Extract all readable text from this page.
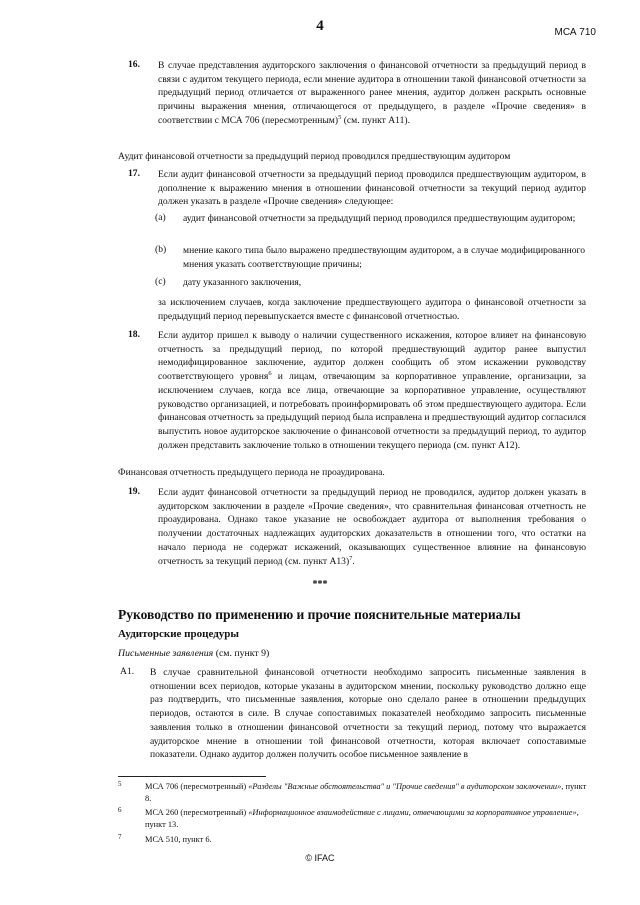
4	МСА 710
16. В случае представления аудиторского заключения о финансовой отчетности за предыдущий период в связи с аудитом текущего периода, если мнение аудитора в отношении такой финансовой отчетности за предыдущий период отличается от выраженного ранее мнения, аудитор должен раскрыть основные причины выражения мнения, отличающегося от предыдущего, в разделе «Прочие сведения» в соответствии с МСА 706 (пересмотренным)$^5$ (см. пункт A11).
Аудит финансовой отчетности за предыдущий период проводился предшествующим аудитором
17. Если аудит финансовой отчетности за предыдущий период проводился предшествующим аудитором, в дополнение к выражению мнения в отношении финансовой отчетности за текущий период аудитор должен указать в разделе «Прочие сведения» следующее:
(a) аудит финансовой отчетности за предыдущий период проводился предшествующим аудитором;
(b) мнение какого типа было выражено предшествующим аудитором, а в случае модифицированного мнения указать соответствующие причины;
(c) дату указанного заключения,
за исключением случаев, когда заключение предшествующего аудитора о финансовой отчетности за предыдущий период перевыпускается вместе с финансовой отчетностью.
18. Если аудитор пришел к выводу о наличии существенного искажения, которое влияет на финансовую отчетность за предыдущий период, по которой предшествующий аудитор ранее выпустил немодифицированное заключение, аудитор должен сообщить об этом искажении руководству соответствующего уровня$^6$ и лицам, отвечающим за корпоративное управление, организации, за исключением случаев, когда все лица, отвечающие за корпоративное управление, осуществляют руководство организацией, и потребовать проинформировать об этом предшествующего аудитора. Если финансовая отчетность за предыдущий период была исправлена и предшествующий аудитор согласился выпустить новое аудиторское заключение о финансовой отчетности за предыдущий период, то аудитор должен представить заключение только в отношении текущего периода (см. пункт A12).
Финансовая отчетность предыдущего периода не проаудирована.
19. Если аудит финансовой отчетности за предыдущий период не проводился, аудитор должен указать в аудиторском заключении в разделе «Прочие сведения», что сравнительная финансовая отчетность не проаудирована. Однако такое указание не освобождает аудитора от выполнения требования о получении достаточных надлежащих аудиторских доказательств в отношении того, что остатки на начало периода не содержат искажений, оказывающих существенное влияние на финансовую отчетность за текущий период (см. пункт A13)$^7$.
***
Руководство по применению и прочие пояснительные материалы
Аудиторские процедуры
Письменные заявления (см. пункт 9)
A1. В случае сравнительной финансовой отчетности необходимо запросить письменные заявления в отношении всех периодов, которые указаны в аудиторском мнении, поскольку руководство должно еще раз подтвердить, что письменные заявления, которые оно сделало ранее в отношении предыдущих периодов, остаются в силе. В случае сопоставимых показателей необходимо запросить письменные заявления только в отношении финансовой отчетности за текущий период, потому что выражается аудиторское мнение в отношении той финансовой отчетности, которая включает сопоставимые показатели. Однако аудитор должен получить особое письменное заявление в
5	МСА 706 (пересмотренный) «Разделы "Важные обстоятельства" и "Прочие сведения" в аудиторском заключении», пункт 8.
6	МСА 260 (пересмотренный) «Информационное взаимодействие с лицами, отвечающими за корпоративное управление», пункт 13.
7	МСА 510, пункт 6.
© IFAC
